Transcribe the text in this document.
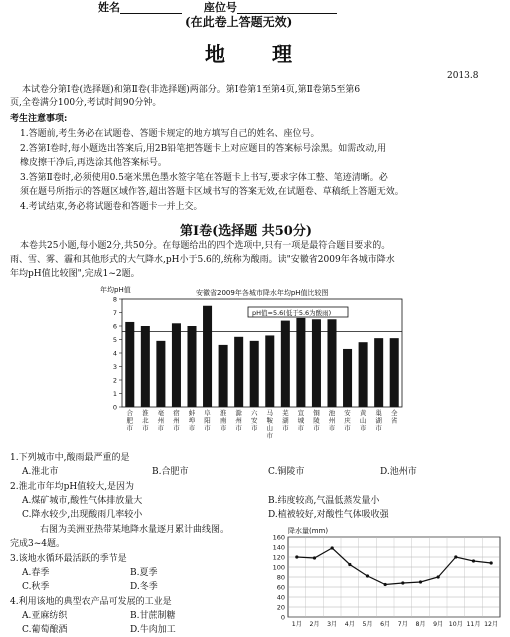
姓名	座位号
(在此卷上答题无效)
地 理
2013.8
本试卷分第Ⅰ卷(选择题)和第Ⅱ卷(非选择题)两部分。第Ⅰ卷第1至第4页,第Ⅱ卷第5至第6
页,全卷满分100分,考试时间90分钟。
考生注意事项:
1.答题前,考生务必在试题卷、答题卡规定的地方填写自己的姓名、座位号。
2.答第Ⅰ卷时,每小题选出答案后,用2B铅笔把答题卡上对应题目的答案标号涂黑。如需改动,用
橡皮擦干净后,再选涂其他答案标号。
3.答第Ⅱ卷时,必须使用0.5毫米黑色墨水签字笔在答题卡上书写,要求字体工整、笔迹清晰。必
须在题号所指示的答题区域作答,超出答题卡区域书写的答案无效,在试题卷、草稿纸上答题无效。
4.考试结束,务必将试题卷和答题卡一并上交。
第Ⅰ卷(选择题 共50分)
本卷共25小题,每小题2分,共50分。在每题给出的四个选项中,只有一项是最符合题目要求的。
雨、雪、雾、霾和其他形式的大气降水,pH小于5.6的,统称为酸雨。读"安徽省2009年各城市降水
年均pH值比较图",完成1~2题。
年均pH值	安徽省2009年各城市降水年均pH值比较图
0
1
2
3
4
5
6
7
8
pH值=5.6(低于5.6为酸雨)
合
肥
市
淮
北
市
亳
州
市
宿
州
市
蚌
埠
市
阜
阳
市
淮
南
市
滁
州
市
六
安
市
马
鞍
山
市
芜
湖
市
宣
城
市
铜
陵
市
池
州
市
安
庆
市
黄
山
市
巢
湖
市
全
省
1.下列城市中,酸雨最严重的是
A.淮北市	B.合肥市	C.铜陵市	D.池州市
2.淮北市年均pH值较大,是因为
A.煤矿城市,酸性气体排放量大	B.纬度较高,气温低蒸发量小
C.降水较少,出现酸雨几率较小	D.植被较好,对酸性气体吸收强
右图为美洲亚热带某地降水量逐月累计曲线图。
完成3~4题。
3.该地水循环最活跃的季节是
A.春季	B.夏季
C.秋季	D.冬季
4.利用该地的典型农产品可发展的工业是
A.亚麻纺织	B.甘蔗制糖
C.葡萄酿酒	D.牛肉加工
降水量(mm)
0
20
40
60
80
100
120
140
160
1月 2月 3月 4月 5月 6月 7月 8月 9月 10月 11月 12月
